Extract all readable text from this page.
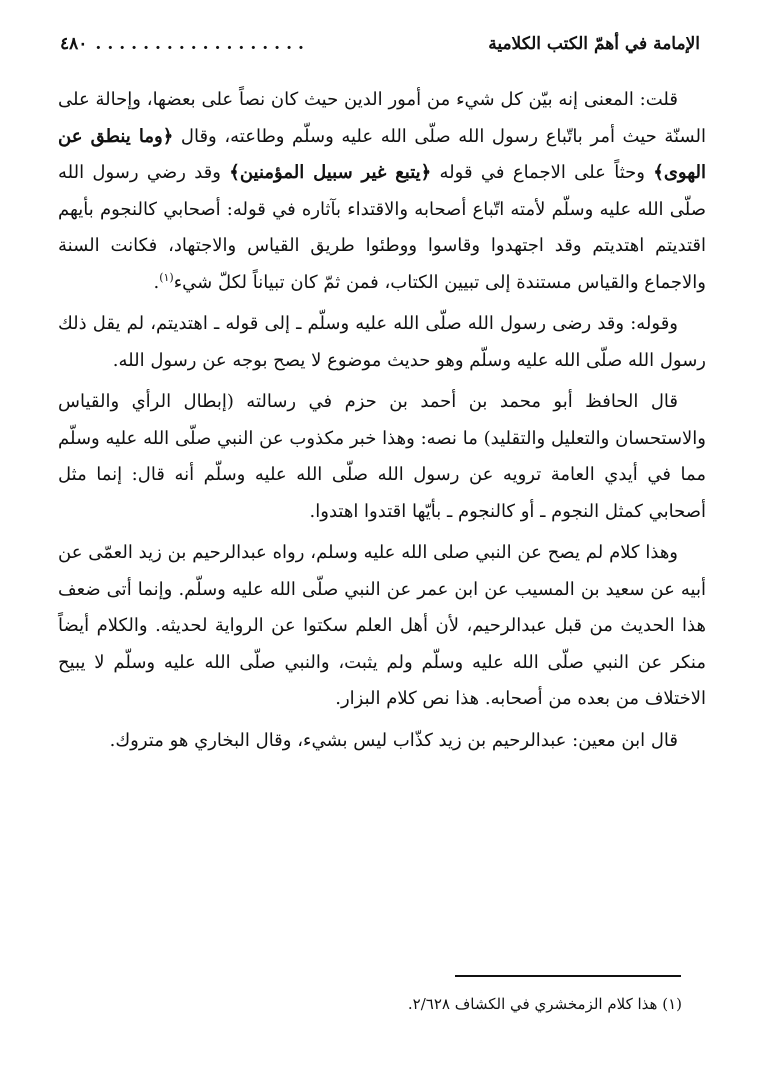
٤٨٠ ..................	الإمامة في أهمّ الكتب الكلامية

قلت: المعنى إنه بيّن كل شيء من أمور الدين حيث كان نصاً على بعضها، وإحالة على السنّة حيث أمر باتّباع رسول الله صلّى الله عليه وسلّم وطاعته، وقال ﴿وما ينطق عن الهوى﴾ وحثاً على الاجماع في قوله ﴿يتبع غير سبيل المؤمنين﴾ وقد رضي رسول الله صلّى الله عليه وسلّم لأمته اتّباع أصحابه والاقتداء بآثاره في قوله: أصحابي كالنجوم بأيهم اقتديتم اهتديتم وقد اجتهدوا وقاسوا ووطئوا طريق القياس والاجتهاد، فكانت السنة والاجماع والقياس مستندة إلى تبيين الكتاب، فمن ثمّ كان تبياناً لكلّ شيء$^{(١)}$.

وقوله: وقد رضى رسول الله صلّى الله عليه وسلّم ـ إلى قوله ـ اهتديتم، لم يقل ذلك رسول الله صلّى الله عليه وسلّم وهو حديث موضوع لا يصح بوجه عن رسول الله.

قال الحافظ أبو محمد بن أحمد بن حزم في رسالته (إبطال الرأي والقياس والاستحسان والتعليل والتقليد) ما نصه: وهذا خبر مكذوب عن النبي صلّى الله عليه وسلّم مما في أيدي العامة ترويه عن رسول الله صلّى الله عليه وسلّم أنه قال: إنما مثل أصحابي كمثل النجوم ـ أو كالنجوم ـ بأيّها اقتدوا اهتدوا.

وهذا كلام لم يصح عن النبي صلى الله عليه وسلم، رواه عبدالرحيم بن زيد العمّى عن أبيه عن سعيد بن المسيب عن ابن عمر عن النبي صلّى الله عليه وسلّم. وإنما أتى ضعف هذا الحديث من قبل عبدالرحيم، لأن أهل العلم سكتوا عن الرواية لحديثه. والكلام أيضاً منكر عن النبي صلّى الله عليه وسلّم ولم يثبت، والنبي صلّى الله عليه وسلّم لا يبيح الاختلاف من بعده من أصحابه. هذا نص كلام البزار.

قال ابن معين: عبدالرحيم بن زيد كذّاب ليس بشيء، وقال البخاري هو متروك.

(١) هذا كلام الزمخشري في الكشاف ٢/٦٢٨.
